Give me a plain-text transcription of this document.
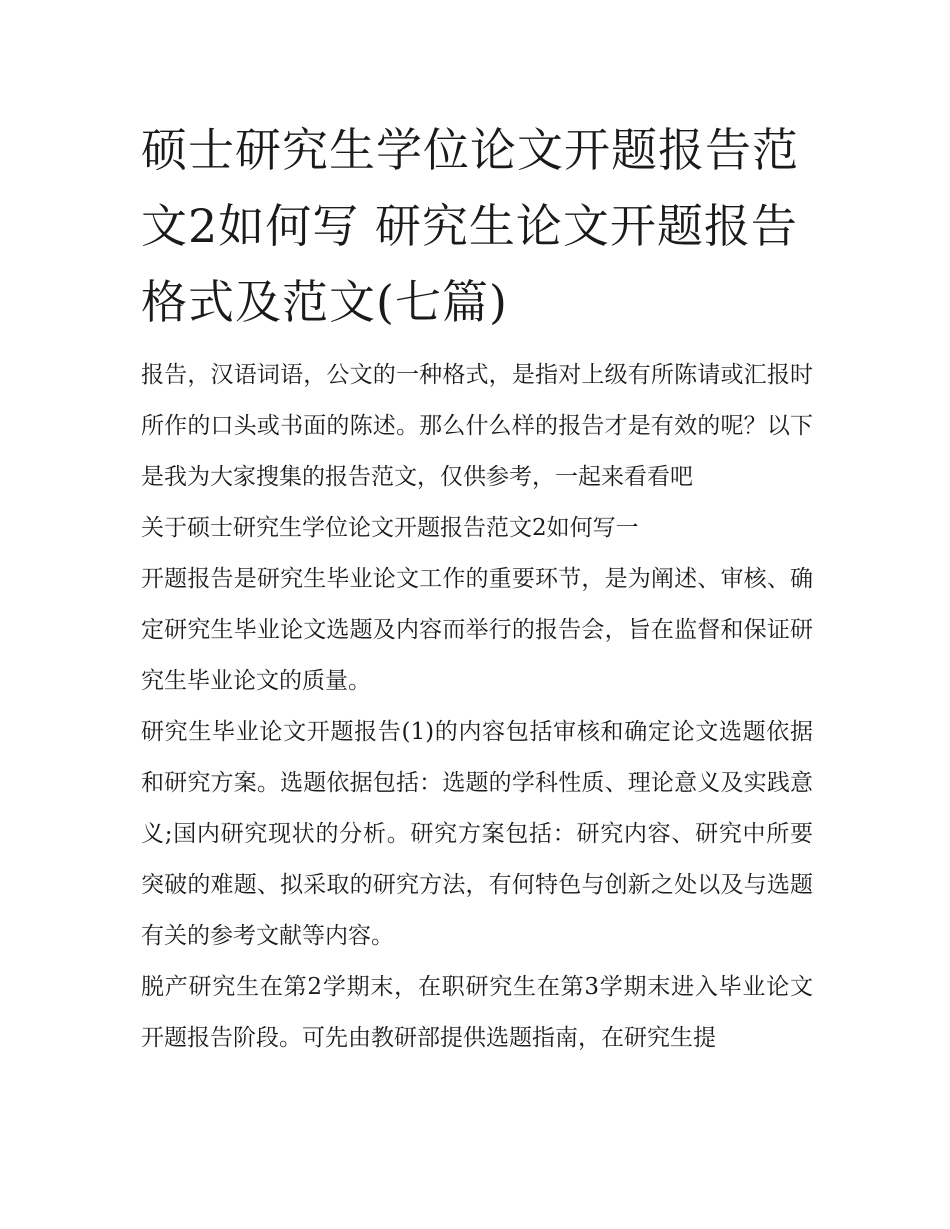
硕士研究生学位论文开题报告范文2如何写 研究生论文开题报告格式及范文(七篇)

报告，汉语词语，公文的一种格式，是指对上级有所陈请或汇报时所作的口头或书面的陈述。那么什么样的报告才是有效的呢？以下是我为大家搜集的报告范文，仅供参考，一起来看看吧

关于硕士研究生学位论文开题报告范文2如何写一

开题报告是研究生毕业论文工作的重要环节，是为阐述、审核、确定研究生毕业论文选题及内容而举行的报告会，旨在监督和保证研究生毕业论文的质量。

研究生毕业论文开题报告(1)的内容包括审核和确定论文选题依据和研究方案。选题依据包括：选题的学科性质、理论意义及实践意义;国内研究现状的分析。研究方案包括：研究内容、研究中所要突破的难题、拟采取的研究方法，有何特色与创新之处以及与选题有关的参考文献等内容。

脱产研究生在第2学期末，在职研究生在第3学期末进入毕业论文开题报告阶段。可先由教研部提供选题指南，在研究生提
